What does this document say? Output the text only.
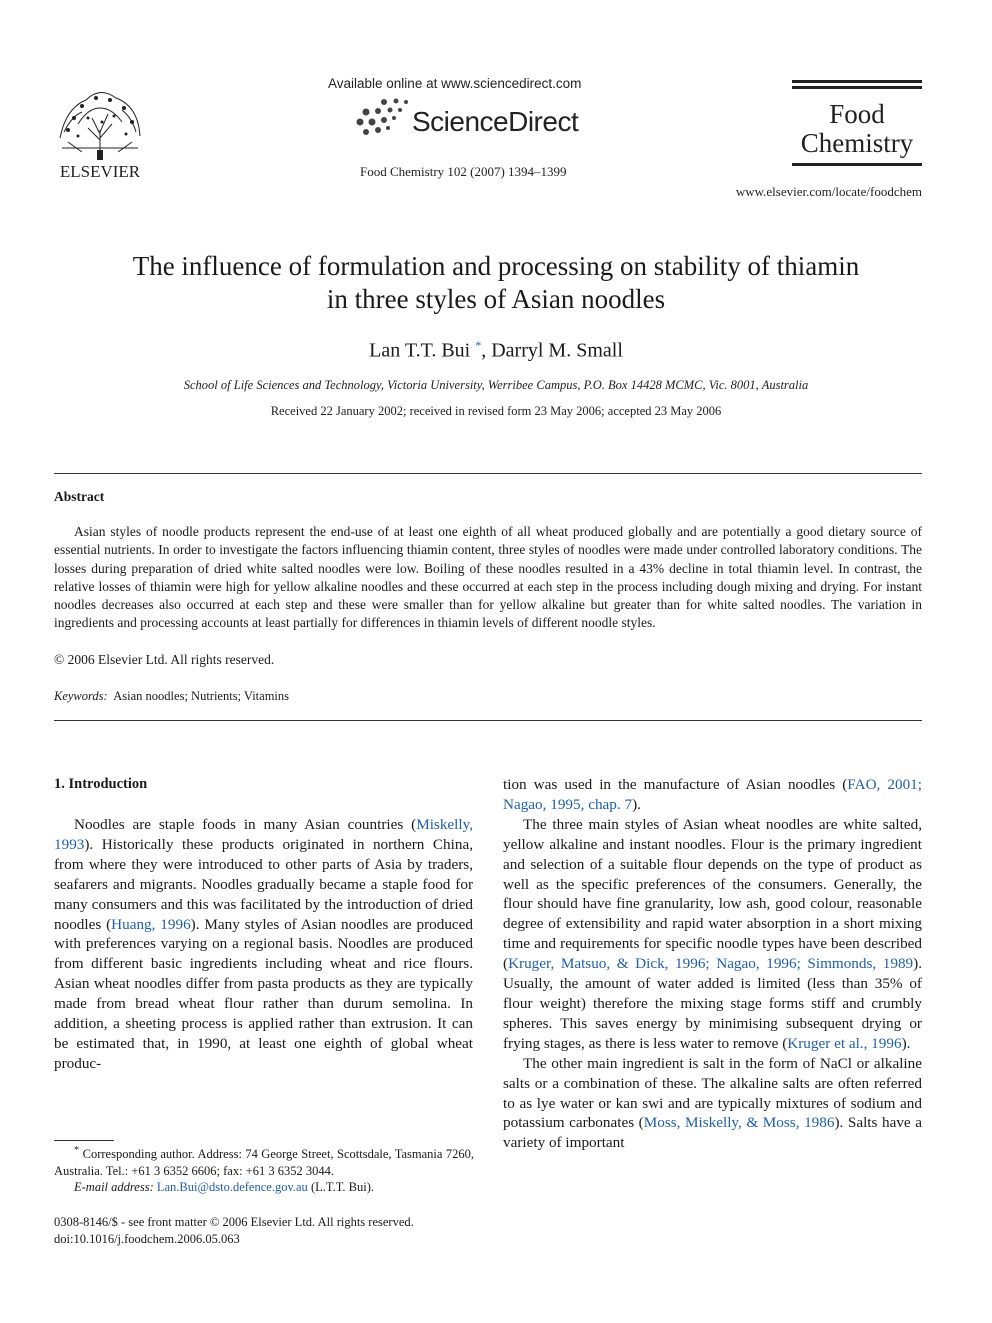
ELSEVIER
Available online at www.sciencedirect.com
ScienceDirect
Food Chemistry 102 (2007) 1394–1399
Food
Chemistry
www.elsevier.com/locate/foodchem
The influence of formulation and processing on stability of thiamin
in three styles of Asian noodles
Lan T.T. Bui *, Darryl M. Small
School of Life Sciences and Technology, Victoria University, Werribee Campus, P.O. Box 14428 MCMC, Vic. 8001, Australia
Received 22 January 2002; received in revised form 23 May 2006; accepted 23 May 2006
Abstract

Asian styles of noodle products represent the end-use of at least one eighth of all wheat produced globally and are potentially a good dietary source of essential nutrients. In order to investigate the factors influencing thiamin content, three styles of noodles were made under controlled laboratory conditions. The losses during preparation of dried white salted noodles were low. Boiling of these noodles resulted in a 43% decline in total thiamin level. In contrast, the relative losses of thiamin were high for yellow alkaline noodles and these occurred at each step in the process including dough mixing and drying. For instant noodles decreases also occurred at each step and these were smaller than for yellow alkaline but greater than for white salted noodles. The variation in ingredients and processing accounts at least partially for differences in thiamin levels of different noodle styles.

© 2006 Elsevier Ltd. All rights reserved.
Keywords: Asian noodles; Nutrients; Vitamins
1. Introduction

Noodles are staple foods in many Asian countries (Miskelly, 1993). Historically these products originated in northern China, from where they were introduced to other parts of Asia by traders, seafarers and migrants. Noodles gradually became a staple food for many consumers and this was facilitated by the introduction of dried noodles (Huang, 1996). Many styles of Asian noodles are produced with preferences varying on a regional basis. Noodles are produced from different basic ingredients including wheat and rice flours. Asian wheat noodles differ from pasta products as they are typically made from bread wheat flour rather than durum semolina. In addition, a sheeting process is applied rather than extrusion. It can be estimated that, in 1990, at least one eighth of global wheat produc-

tion was used in the manufacture of Asian noodles (FAO, 2001; Nagao, 1995, chap. 7).

The three main styles of Asian wheat noodles are white salted, yellow alkaline and instant noodles. Flour is the primary ingredient and selection of a suitable flour depends on the type of product as well as the specific preferences of the consumers. Generally, the flour should have fine granularity, low ash, good colour, reasonable degree of extensibility and rapid water absorption in a short mixing time and requirements for specific noodle types have been described (Kruger, Matsuo, & Dick, 1996; Nagao, 1996; Simmonds, 1989). Usually, the amount of water added is limited (less than 35% of flour weight) therefore the mixing stage forms stiff and crumbly spheres. This saves energy by minimising subsequent drying or frying stages, as there is less water to remove (Kruger et al., 1996).

The other main ingredient is salt in the form of NaCl or alkaline salts or a combination of these. The alkaline salts are often referred to as lye water or kan swi and are typically mixtures of sodium and potassium carbonates (Moss, Miskelly, & Moss, 1986). Salts have a variety of important

* Corresponding author. Address: 74 George Street, Scottsdale, Tasmania 7260, Australia. Tel.: +61 3 6352 6606; fax: +61 3 6352 3044.
E-mail address: Lan.Bui@dsto.defence.gov.au (L.T.T. Bui).
0308-8146/$ - see front matter © 2006 Elsevier Ltd. All rights reserved.
doi:10.1016/j.foodchem.2006.05.063
